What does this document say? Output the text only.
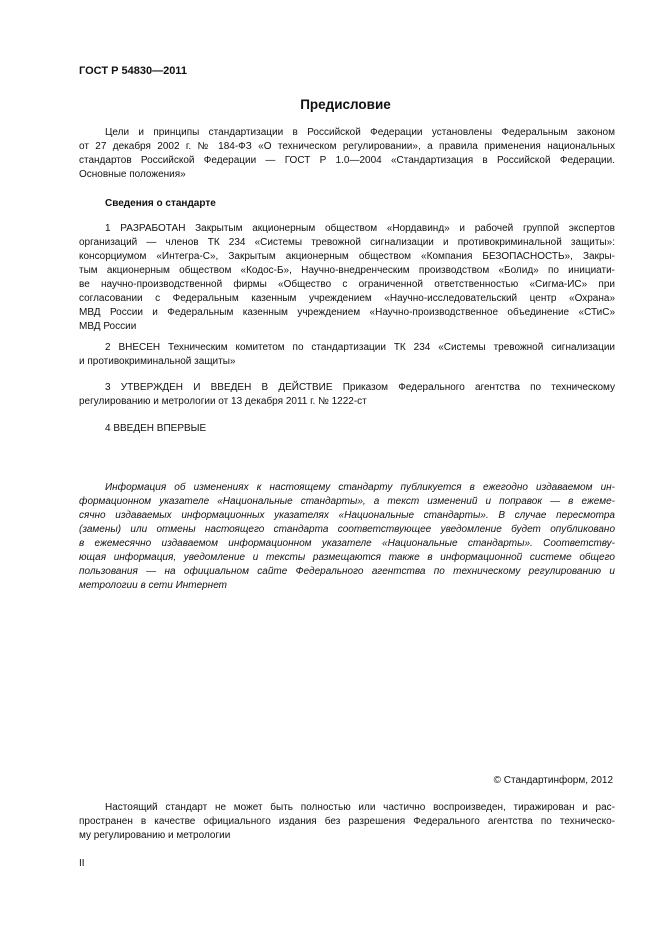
ГОСТ Р 54830—2011
Предисловие
Цели и принципы стандартизации в Российской Федерации установлены Федеральным законом
от 27 декабря 2002 г. № 184-ФЗ «О техническом регулировании», а правила применения национальных
стандартов Российской Федерации — ГОСТ Р 1.0—2004 «Стандартизация в Российской Федерации.
Основные положения»
Сведения о стандарте
1 РАЗРАБОТАН Закрытым акционерным обществом «Нордавинд» и рабочей группой экспертов
организаций — членов ТК 234 «Системы тревожной сигнализации и противокриминальной защиты»:
консорциумом «Интегра-С», Закрытым акционерным обществом «Компания БЕЗОПАСНОСТЬ», Закры-
тым акционерным обществом «Кодос-Б», Научно-внедренческим производством «Болид» по инициати-
ве научно-производственной фирмы «Общество с ограниченной ответственностью «Сигма-ИС» при
согласовании с Федеральным казенным учреждением «Научно-исследовательский центр «Охрана»
МВД России и Федеральным казенным учреждением «Научно-производственное объединение «СТиС»
МВД России
2 ВНЕСЕН Техническим комитетом по стандартизации ТК 234 «Системы тревожной сигнализации
и противокриминальной защиты»
3 УТВЕРЖДЕН И ВВЕДЕН В ДЕЙСТВИЕ Приказом Федерального агентства по техническому
регулированию и метрологии от 13 декабря 2011 г. № 1222-ст
4 ВВЕДЕН ВПЕРВЫЕ
Информация об изменениях к настоящему стандарту публикуется в ежегодно издаваемом ин-
формационном указателе «Национальные стандарты», а текст изменений и поправок — в ежеме-
сячно издаваемых информационных указателях «Национальные стандарты». В случае пересмотра
(замены) или отмены настоящего стандарта соответствующее уведомление будет опубликовано
в ежемесячно издаваемом информационном указателе «Национальные стандарты». Соответству-
ющая информация, уведомление и тексты размещаются также в информационной системе общего
пользования — на официальном сайте Федерального агентства по техническому регулированию и
метрологии в сети Интернет
© Стандартинформ, 2012
Настоящий стандарт не может быть полностью или частично воспроизведен, тиражирован и рас-
пространен в качестве официального издания без разрешения Федерального агентства по техническо-
му регулированию и метрологии
II
